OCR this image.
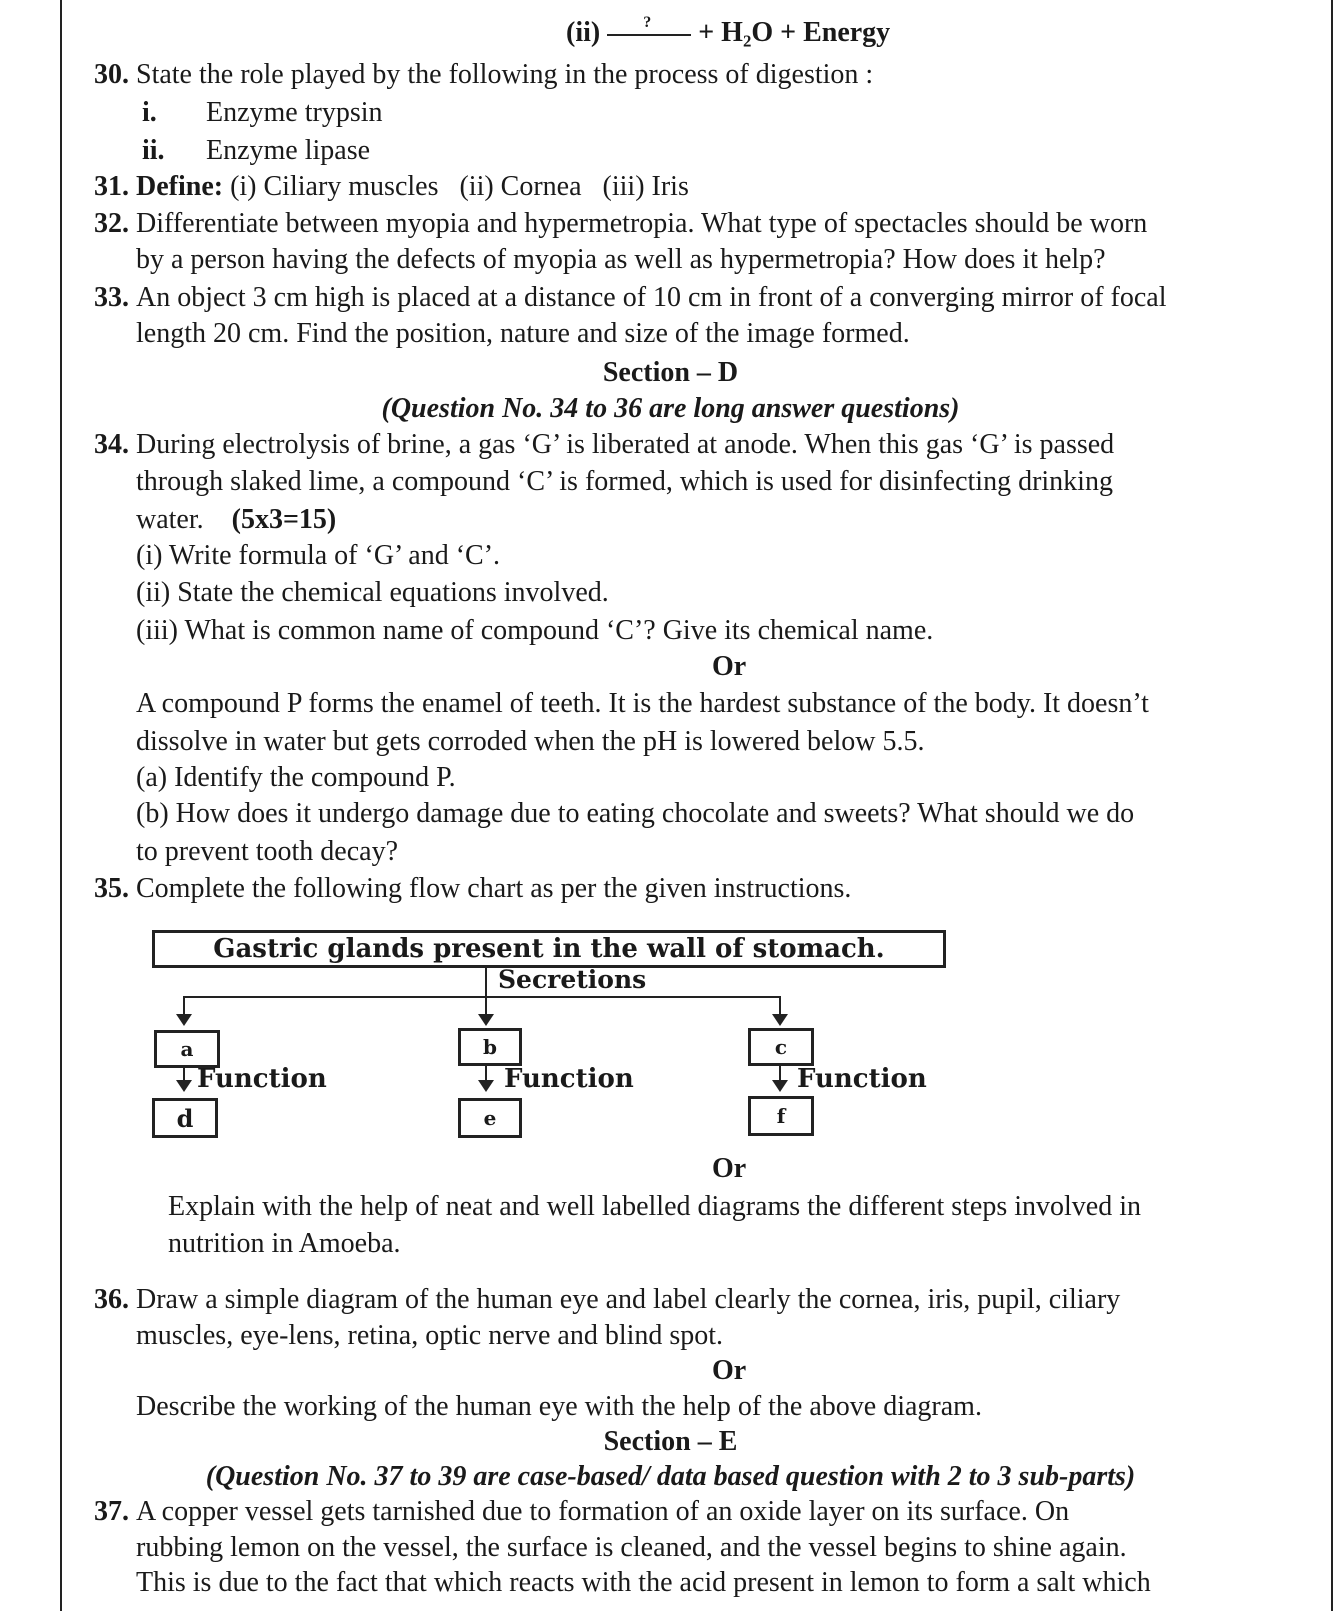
(ii)	? + H₂O + Energy
30. State the role played by the following in the process of digestion :
i. Enzyme trypsin
ii. Enzyme lipase
31. Define: (i) Ciliary muscles   (ii) Cornea   (iii) Iris
32. Differentiate between myopia and hypermetropia. What type of spectacles should be worn
by a person having the defects of myopia as well as hypermetropia? How does it help?
33. An object 3 cm high is placed at a distance of 10 cm in front of a converging mirror of focal
length 20 cm. Find the position, nature and size of the image formed.
Section – D
(Question No. 34 to 36 are long answer questions)
34. During electrolysis of brine, a gas ‘G’ is liberated at anode. When this gas ‘G’ is passed
through slaked lime, a compound ‘C’ is formed, which is used for disinfecting drinking
water. (5x3=15)
(i) Write formula of ‘G’ and ‘C’.
(ii) State the chemical equations involved.
(iii) What is common name of compound ‘C’? Give its chemical name.
Or
A compound P forms the enamel of teeth. It is the hardest substance of the body. It doesn’t
dissolve in water but gets corroded when the pH is lowered below 5.5.
(a) Identify the compound P.
(b) How does it undergo damage due to eating chocolate and sweets? What should we do
to prevent tooth decay?
35. Complete the following flow chart as per the given instructions.
Gastric glands present in the wall of stomach.
Secretions
a	b	c
Function	Function	Function
d	e	f
Or
Explain with the help of neat and well labelled diagrams the different steps involved in
nutrition in Amoeba.
36. Draw a simple diagram of the human eye and label clearly the cornea, iris, pupil, ciliary
muscles, eye-lens, retina, optic nerve and blind spot.
Or
Describe the working of the human eye with the help of the above diagram.
Section – E
(Question No. 37 to 39 are case-based/ data based question with 2 to 3 sub-parts)
37. A copper vessel gets tarnished due to formation of an oxide layer on its surface. On
rubbing lemon on the vessel, the surface is cleaned, and the vessel begins to shine again.
This is due to the fact that which reacts with the acid present in lemon to form a salt which
